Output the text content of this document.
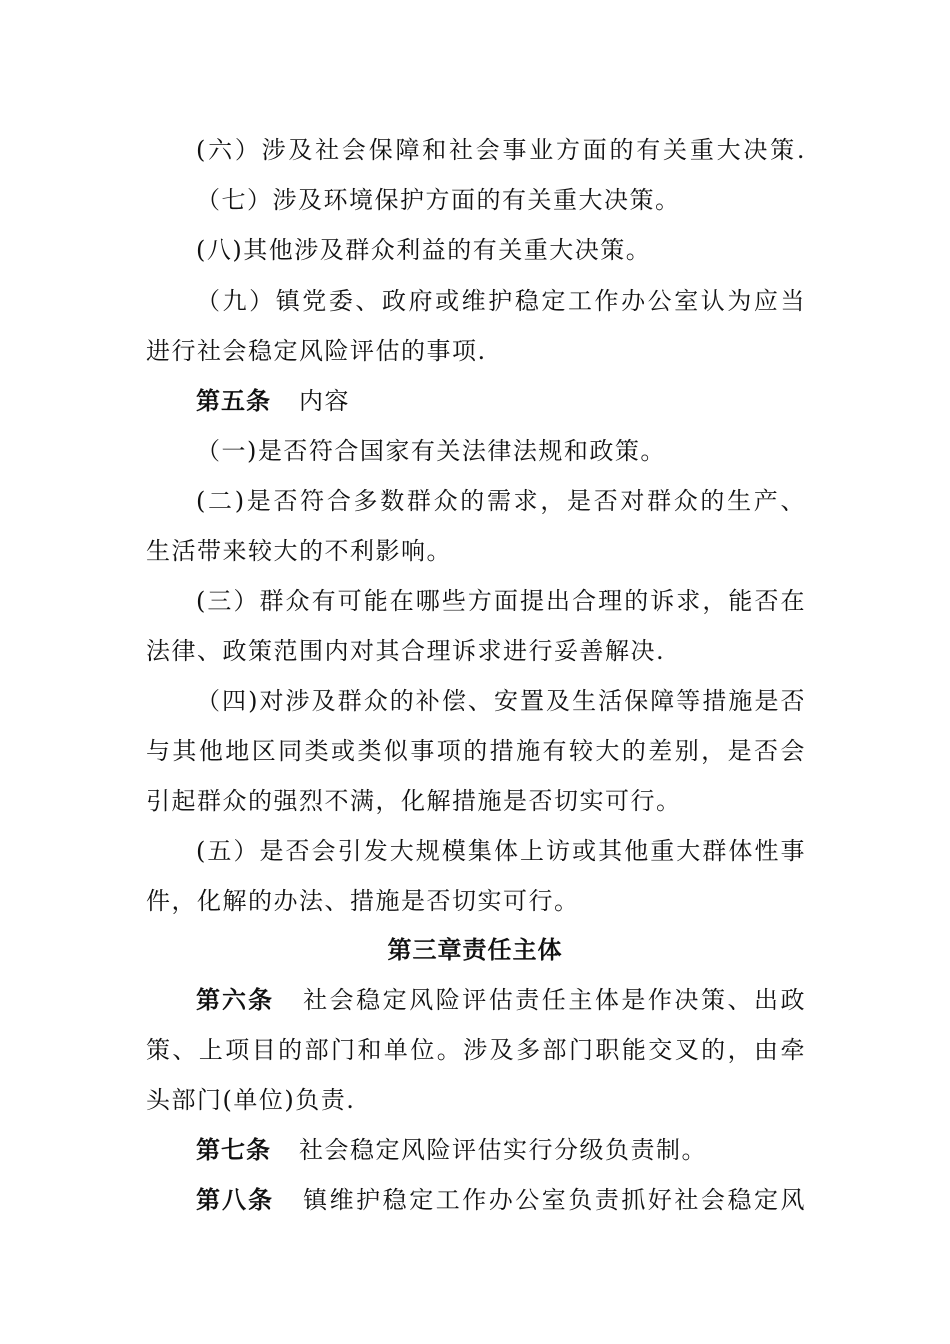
(六）涉及社会保障和社会事业方面的有关重大决策.
（七）涉及环境保护方面的有关重大决策。
(八)其他涉及群众利益的有关重大决策。
（九）镇党委、政府或维护稳定工作办公室认为应当
进行社会稳定风险评估的事项.
第五条 内容
（一)是否符合国家有关法律法规和政策。
(二)是否符合多数群众的需求，是否对群众的生产、
生活带来较大的不利影响。
(三）群众有可能在哪些方面提出合理的诉求，能否在
法律、政策范围内对其合理诉求进行妥善解决.
（四)对涉及群众的补偿、安置及生活保障等措施是否
与其他地区同类或类似事项的措施有较大的差别，是否会
引起群众的强烈不满，化解措施是否切实可行。
(五）是否会引发大规模集体上访或其他重大群体性事
件，化解的办法、措施是否切实可行。
第三章责任主体
第六条 社会稳定风险评估责任主体是作决策、出政
策、上项目的部门和单位。涉及多部门职能交叉的，由牵
头部门(单位)负责.
第七条 社会稳定风险评估实行分级负责制。
第八条 镇维护稳定工作办公室负责抓好社会稳定风
